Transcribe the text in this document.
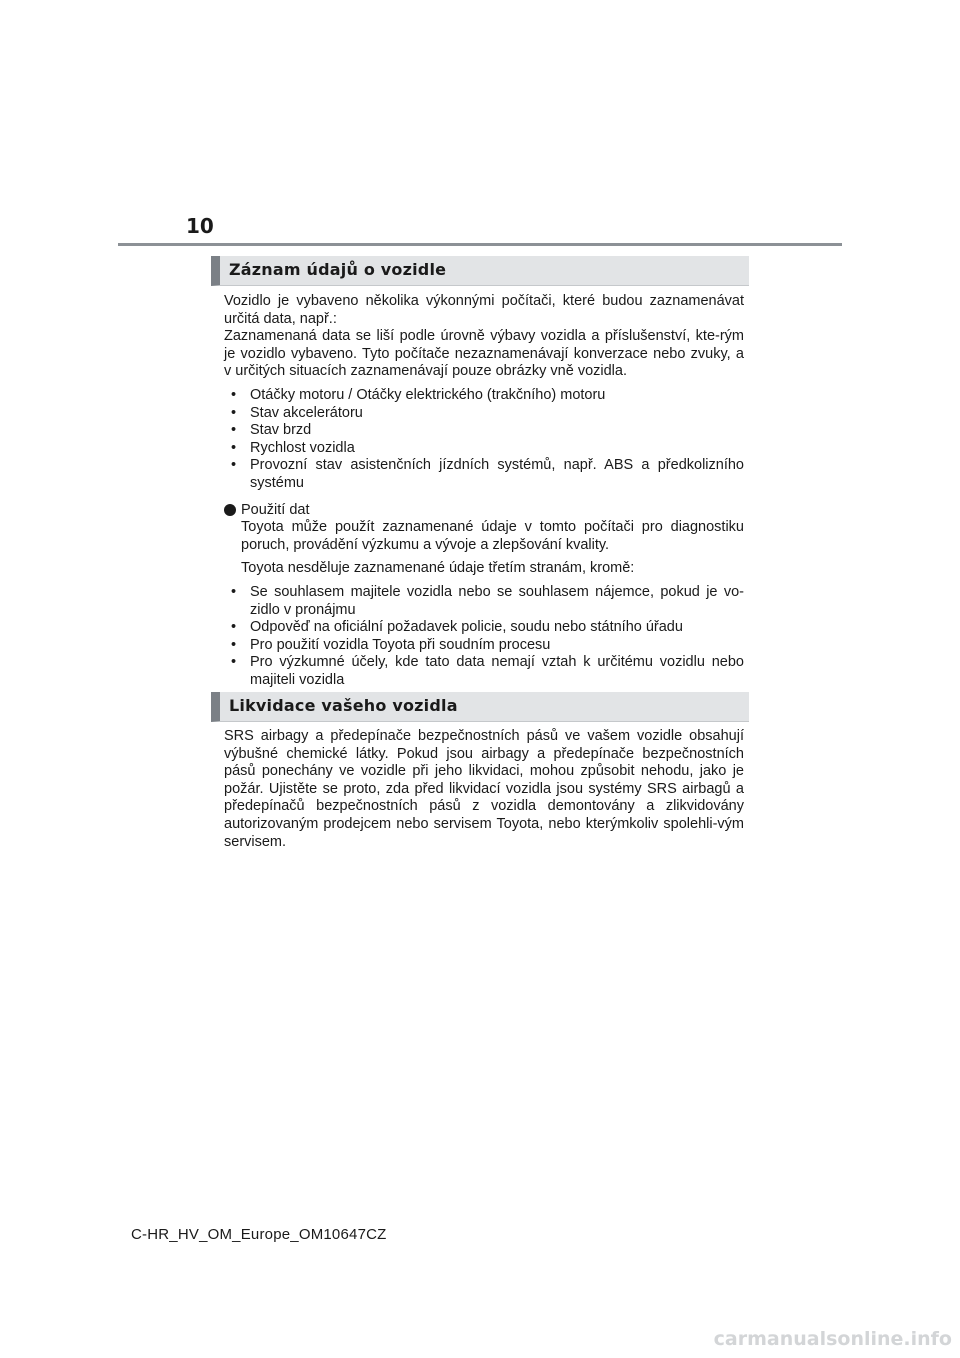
10
Záznam údajů o vozidle

Vozidlo je vybaveno několika výkonnými počítači, které budou zaznamenávat určitá data, např.:

Zaznamenaná data se liší podle úrovně výbavy vozidla a příslušenství, kte-rým je vozidlo vybaveno. Tyto počítače nezaznamenávají konverzace nebo zvuky, a v určitých situacích zaznamenávají pouze obrázky vně vozidla.

• Otáčky motoru / Otáčky elektrického (trakčního) motoru
• Stav akcelerátoru
• Stav brzd
• Rychlost vozidla
• Provozní stav asistenčních jízdních systémů, např. ABS a předkolizního systému
Použití dat

Toyota může použít zaznamenané údaje v tomto počítači pro diagnostiku poruch, provádění výzkumu a vývoje a zlepšování kvality.

Toyota nesděluje zaznamenané údaje třetím stranám, kromě:

• Se souhlasem majitele vozidla nebo se souhlasem nájemce, pokud je vo-zidlo v pronájmu
• Odpověď na oficiální požadavek policie, soudu nebo státního úřadu
• Pro použití vozidla Toyota při soudním procesu
• Pro výzkumné účely, kde tato data nemají vztah k určitému vozidlu nebo majiteli vozidla
Likvidace vašeho vozidla

SRS airbagy a předepínače bezpečnostních pásů ve vašem vozidle obsahují výbušné chemické látky. Pokud jsou airbagy a předepínače bezpečnostních pásů ponechány ve vozidle při jeho likvidaci, mohou způsobit nehodu, jako je požár. Ujistěte se proto, zda před likvidací vozidla jsou systémy SRS airbagů a předepínačů bezpečnostních pásů z vozidla demontovány a zlikvidovány autorizovaným prodejcem nebo servisem Toyota, nebo kterýmkoliv spolehli-vým servisem.

C-HR_HV_OM_Europe_OM10647CZ
carmanualsonline.info
